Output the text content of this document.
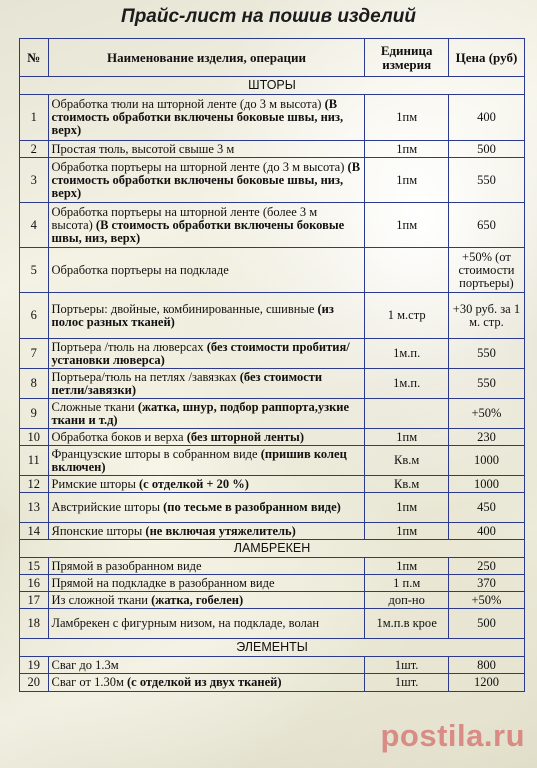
Прайс-лист на пошив изделий
№	Наименование изделия, операции	Единица измерия	Цена (руб)
ШТОРЫ			
1	Обработка тюли на шторной ленте (до 3 м высота) (В стоимость обработки включены боковые швы, низ, верх)	1пм	400
2	Простая тюль, высотой свыше 3 м	1пм	500
3	Обработка портьеры на шторной ленте (до 3 м высота) (В стоимость обработки включены боковые швы, низ, верх)	1пм	550
4	Обработка портьеры на шторной ленте (более 3 м высота) (В стоимость обработки включены боковые швы, низ, верх)	1пм	650
5	Обработка портьеры на подкладе		+50% (от стоимости портьеры)
6	Портьеры: двойные, комбинированные, сшивные (из полос разных тканей)	1 м.стр	+30 руб. за 1 м. стр.
7	Портьера /тюль на люверсах (без стоимости пробития/установки люверса)	1м.п.	550
8	Портьера/тюль на петлях /завязках (без стоимости петли/завязки)	1м.п.	550
9	Сложные ткани (жатка, шнур, подбор раппорта,узкие ткани и т.д)		+50%
10	Обработка боков и верха (без шторной ленты)	1пм	230
11	Французские шторы в собранном виде (пришив колец включен)	Кв.м	1000
12	Римские шторы (с отделкой + 20 %)	Кв.м	1000
13	Австрийские шторы (по тесьме в разобранном виде)	1пм	450
14	Японские шторы (не включая утяжелитель)	1пм	400
ЛАМБРЕКЕН			
15	Прямой в разобранном виде	1пм	250
16	Прямой на подкладке в разобранном виде	1 п.м	370
17	Из сложной ткани (жатка, гобелен)	доп-но	+50%
18	Ламбрекен с фигурным низом, на подкладе, волан	1м.п.в крое	500
ЭЛЕМЕНТЫ			
19	Сваг до 1.3м	1шт.	800
20	Сваг от 1.30м (с отделкой из двух тканей)	1шт.	1200
postila.ru
